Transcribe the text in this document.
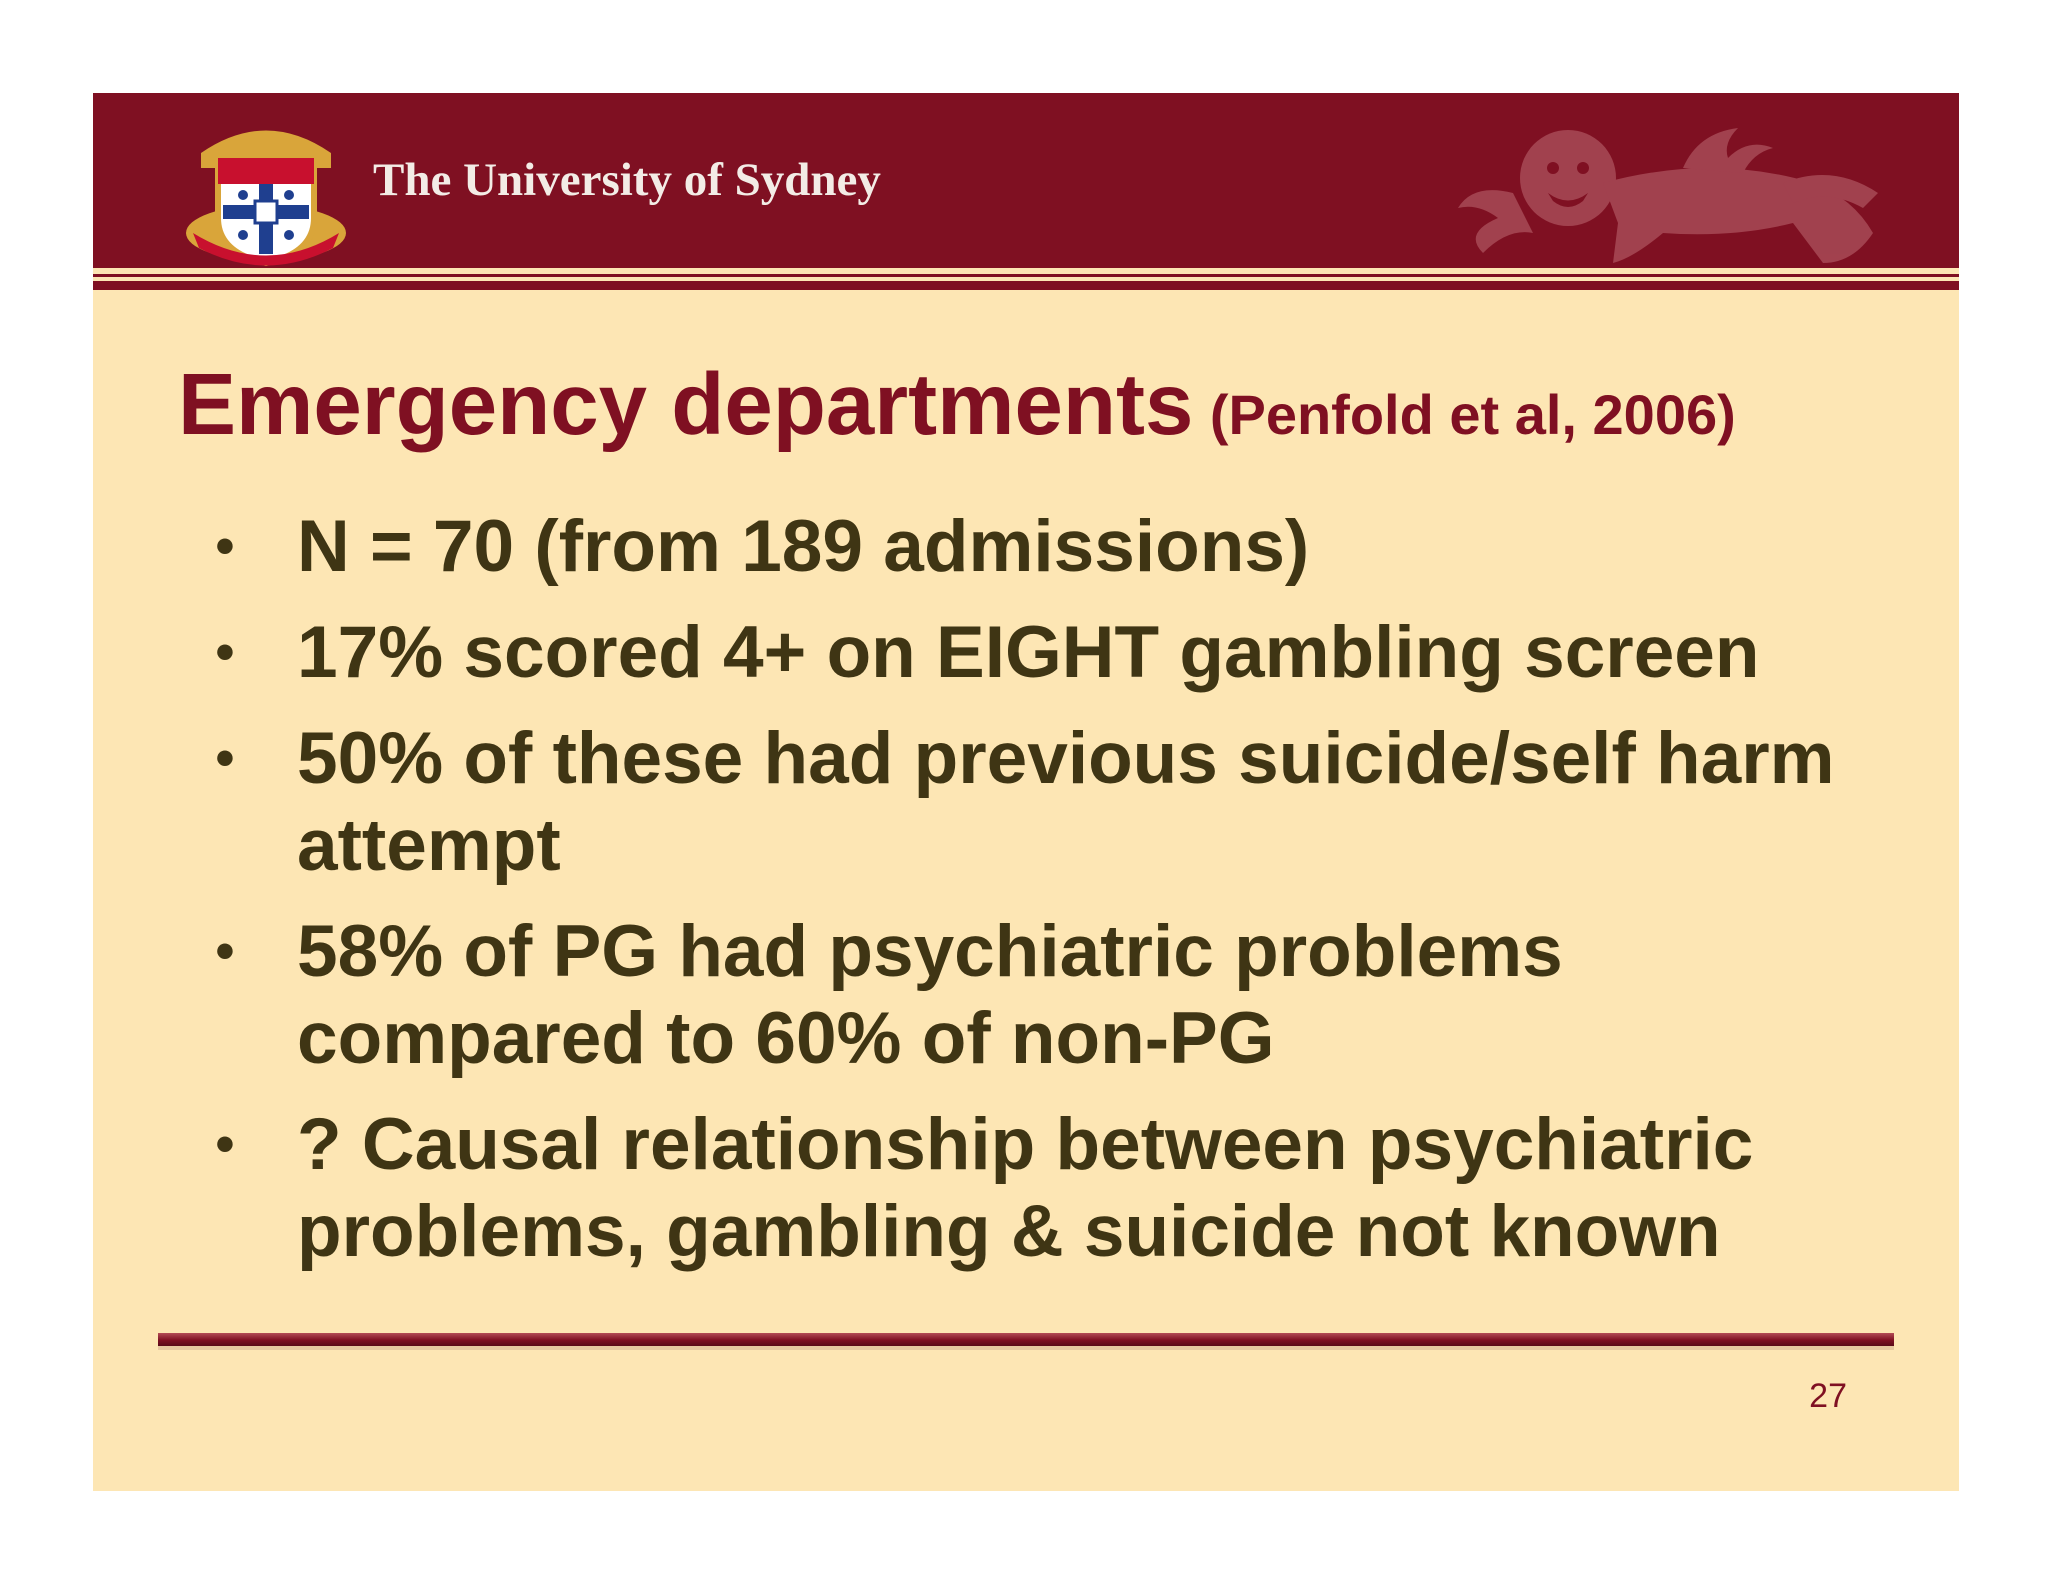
The University of Sydney
Emergency departments (Penfold et al, 2006)
• N = 70 (from 189 admissions)
• 17% scored 4+ on EIGHT gambling screen
• 50% of these had previous suicide/self harm attempt
• 58% of PG had psychiatric problems compared to 60% of non-PG
• ? Causal relationship between psychiatric problems, gambling & suicide not known
27
